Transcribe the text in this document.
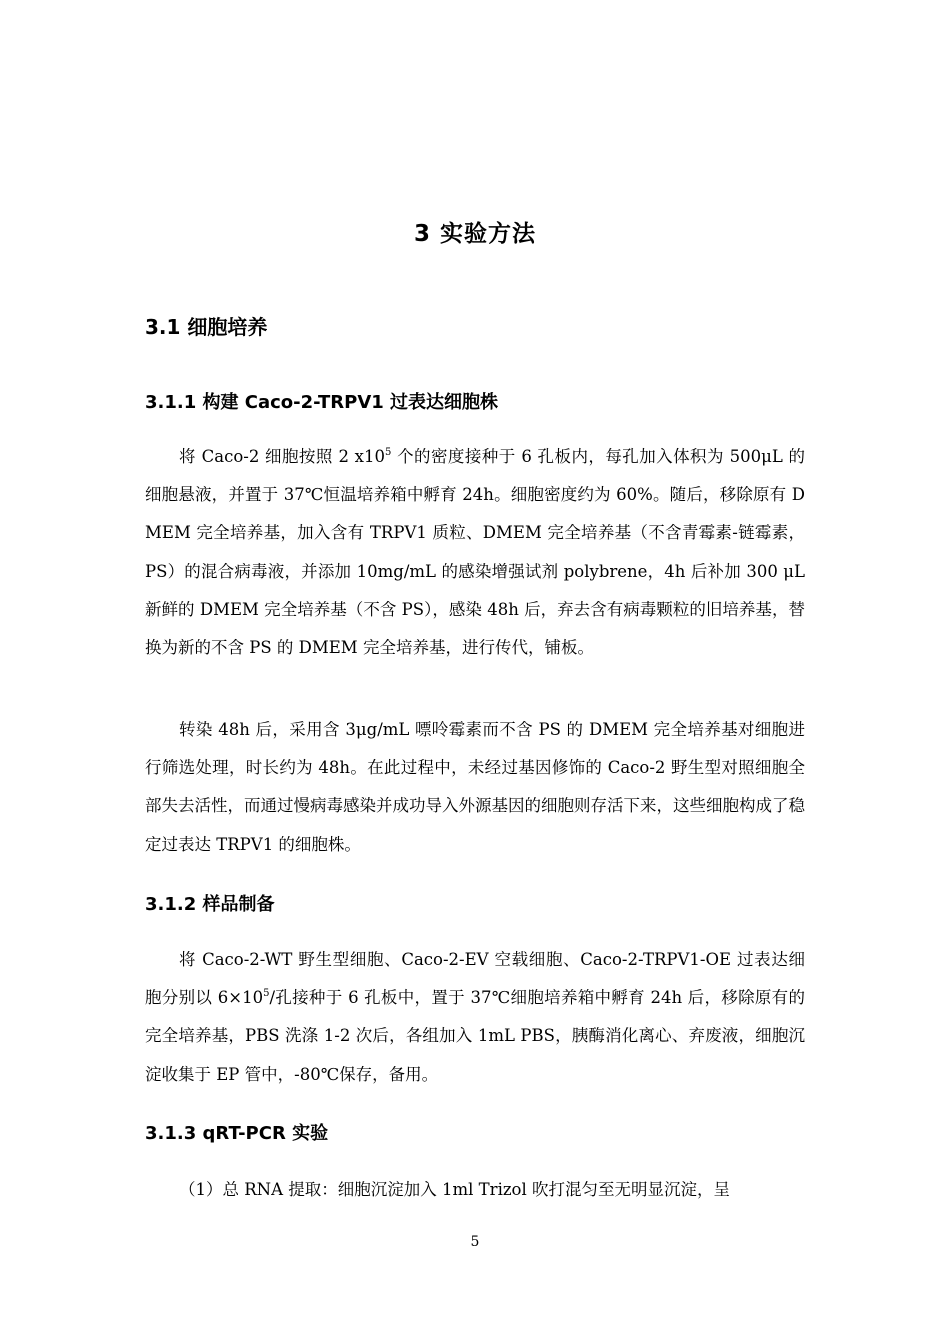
3 实验方法
3.1 细胞培养
3.1.1 构建 Caco-2-TRPV1 过表达细胞株

将 Caco-2 细胞按照 2 $x10^5$ 个的密度接种于 6 孔板内，每孔加入体积为 500μL 的细胞悬液，并置于 37℃恒温培养箱中孵育 24h。细胞密度约为 60%。随后，移除原有 DMEM 完全培养基，加入含有 TRPV1 质粒、DMEM 完全培养基（不含青霉素-链霉素，PS）的混合病毒液，并添加 10mg/mL 的感染增强试剂 polybrene，4h 后补加 300 μL 新鲜的 DMEM 完全培养基（不含 PS），感染 48h 后，弃去含有病毒颗粒的旧培养基，替换为新的不含 PS 的 DMEM 完全培养基，进行传代，铺板。

转染 48h 后，采用含 3μg/mL 嘌呤霉素而不含 PS 的 DMEM 完全培养基对细胞进行筛选处理，时长约为 48h。在此过程中，未经过基因修饰的 Caco-2 野生型对照细胞全部失去活性，而通过慢病毒感染并成功导入外源基因的细胞则存活下来，这些细胞构成了稳定过表达 TRPV1 的细胞株。

3.1.2 样品制备

将 Caco-2-WT 野生型细胞、Caco-2-EV 空载细胞、Caco-2-TRPV1-OE 过表达细胞分别以 $6\times 10^5/$孔接种于 6 孔板中，置于 37℃细胞培养箱中孵育 24h 后，移除原有的完全培养基，PBS 洗涤 1-2 次后，各组加入 1mL PBS，胰酶消化离心、弃废液，细胞沉淀收集于 EP 管中，-80℃保存，备用。

3.1.3 qRT-PCR 实验

（1）总 RNA 提取：细胞沉淀加入 1ml Trizol 吹打混匀至无明显沉淀，呈

5
